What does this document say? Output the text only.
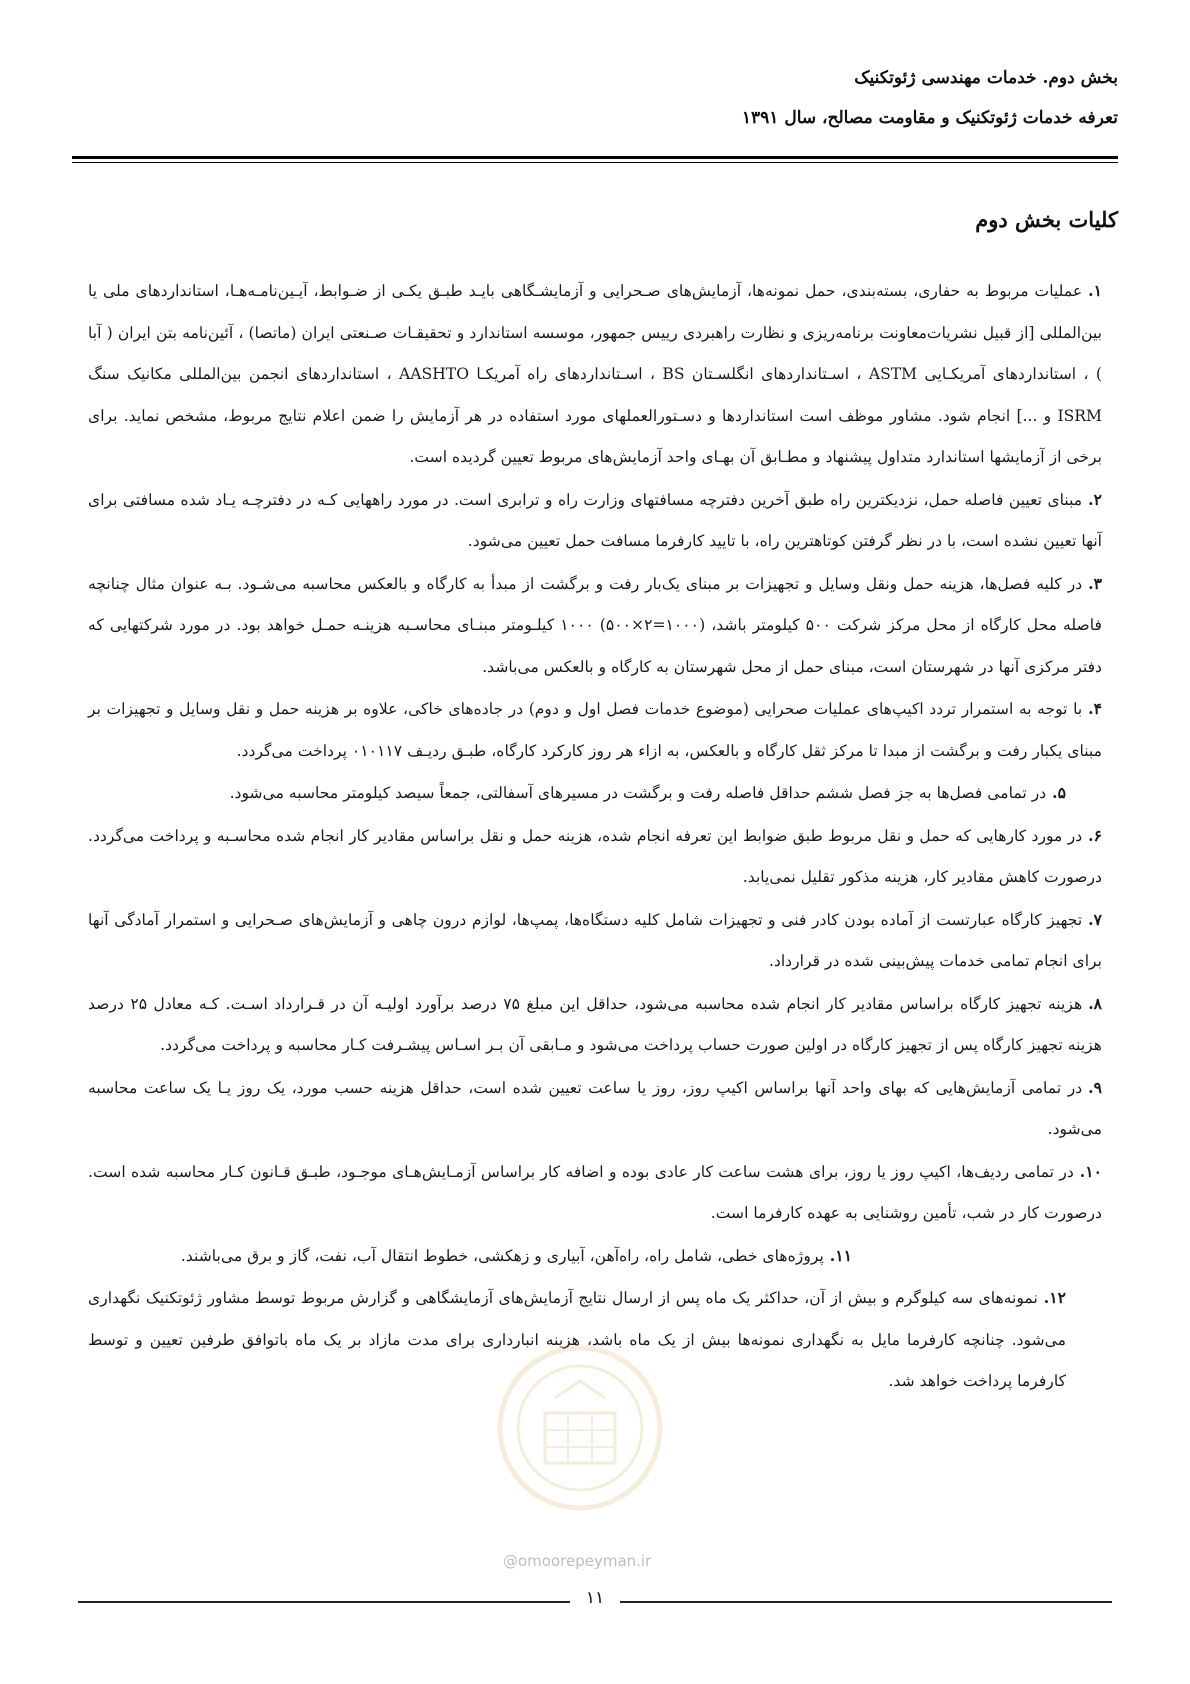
بخش دوم. خدمات مهندسی ژئوتکنیک
تعرفه خدمات ژئوتکنیک و مقاومت مصالح، سال ۱۳۹۱
کلیات بخش دوم

۱.عملیات مربوط به حفاری، بسته‌بندی، حمل نمونه‌ها، آزمایش‌های صـحرایی و آزمایشـگاهی بایـد طبـق یکـی از ضـوابط، آیـین‌نامـه‌هـا، استانداردهای ملی یا بین‌المللی [از قبیل نشریات‌معاونت برنامه‌ریزی و نظارت راهبردی رییس جمهور، موسسه استاندارد و تحقیقـات صـنعتی ایران (ماتصا) ، آئین‌نامه بتن ایران ( آبا ) ، استانداردهای آمریکـایی ASTM ، اسـتانداردهای انگلسـتان BS ، اسـتانداردهای راه آمریکـا AASHTO ، استانداردهای انجمن بین‌المللی مکانیک سنگ ISRM و ...] انجام شود. مشاور موظف است استانداردها و دسـتورالعملهای مورد استفاده در هر آزمایش را ضمن اعلام نتایج مربوط، مشخص نماید. برای برخی از آزمایشها استاندارد متداول پیشنهاد و مطـابق آن بهـای واحد آزمایش‌های مربوط تعیین گردیده است.

۲.مبنای تعیین فاصله حمل، نزدیکترین راه طبق آخرین دفترچه مسافتهای وزارت راه و ترابری است. در مورد راههایی کـه در دفترچـه یـاد شده مسافتی برای آنها تعیین نشده است، با در نظر گرفتن کوتاهترین راه، با تایید کارفرما مسافت حمل تعیین می‌شود.

۳.در کلیه فصل‌ها، هزینه حمل ونقل وسایل و تجهیزات بر مبنای یک‌بار رفت و برگشت از مبدأ به کارگاه و بالعکس محاسبه می‌شـود. بـه عنوان مثال چنانچه فاصله محل کارگاه از محل مرکز شرکت ۵۰۰ کیلومتر باشد، (۱۰۰۰=۲×۵۰۰) ۱۰۰۰ کیلـومتر مبنـای محاسـبه هزینـه حمـل خواهد بود. در مورد شرکتهایی که دفتر مرکزی آنها در شهرستان است، مبنای حمل از محل شهرستان به کارگاه و بالعکس می‌باشد.

۴.با توجه به استمرار تردد اکیپ‌های عملیات صحرایی (موضوع خدمات فصل اول و دوم) در جاده‌های خاکی، علاوه بر هزینه حمل و نقل وسایل و تجهیزات بر مبنای یکبار رفت و برگشت از مبدا تا مرکز ثقل کارگاه و بالعکس، به ازاء هر روز کارکرد کارگاه، طبـق ردیـف ۰۱۰۱۱۷ پرداخت می‌گردد.

۵.در تمامی فصل‌ها به جز فصل ششم حداقل فاصله رفت و برگشت در مسیرهای آسفالتی، جمعاً سیصد کیلومتر محاسبه می‌شود.

۶.در مورد کارهایی که حمل و نقل مربوط طبق ضوابط این تعرفه انجام شده، هزینه حمل و نقل براساس مقادیر کار انجام شده محاسـبه و پرداخت می‌گردد. درصورت کاهش مقادیر کار، هزینه مذکور تقلیل نمی‌یابد.

۷.تجهیز کارگاه عبارتست از آماده بودن کادر فنی و تجهیزات شامل کلیه دستگاه‌ها، پمپ‌ها، لوازم درون چاهی و آزمایش‌های صـحرایی و استمرار آمادگی آنها برای انجام تمامی خدمات پیش‌بینی شده در قرارداد.

۸.هزینه تجهیز کارگاه براساس مقادیر کار انجام شده محاسبه می‌شود، حداقل این مبلغ ۷۵ درصد برآورد اولیـه آن در قـرارداد اسـت. کـه معادل ۲۵ درصد هزینه تجهیز کارگاه پس از تجهیز کارگاه در اولین صورت حساب پرداخت می‌شود و مـابقی آن بـر اسـاس پیشـرفت کـار محاسبه و پرداخت می‌گردد.

۹.در تمامی آزمایش‌هایی که بهای واحد آنها براساس اکیپ روز، روز یا ساعت تعیین شده است، حداقل هزینه حسب مورد، یک روز یـا یک ساعت محاسبه می‌شود.

۱۰.در تمامی ردیف‌ها، اکیپ روز یا روز، برای هشت ساعت کار عادی بوده و اضافه کار براساس آزمـایش‌هـای موجـود، طبـق قـانون کـار محاسبه شده است. درصورت کار در شب، تأمین روشنایی به عهده کارفرما است.

۱۱.پروژه‌های خطی، شامل راه، راه‌آهن، آبیاری و زهکشی، خطوط انتقال آب، نفت، گاز و برق می‌باشند.

۱۲.نمونه‌های سه کیلوگرم و بیش از آن، حداکثر یک ماه پس از ارسال نتایج آزمایش‌های آزمایشگاهی و گزارش مربوط توسط مشاور ژئوتکنیک نگهداری می‌شود. چنانچه کارفرما مایل به نگهداری نمونه‌ها بیش از یک ماه باشد، هزینه انبارداری برای مدت مازاد بر یک ماه باتوافق طرفین تعیین و توسط کارفرما پرداخت خواهد شد.

@omoorepeyman.ir
۱۱
